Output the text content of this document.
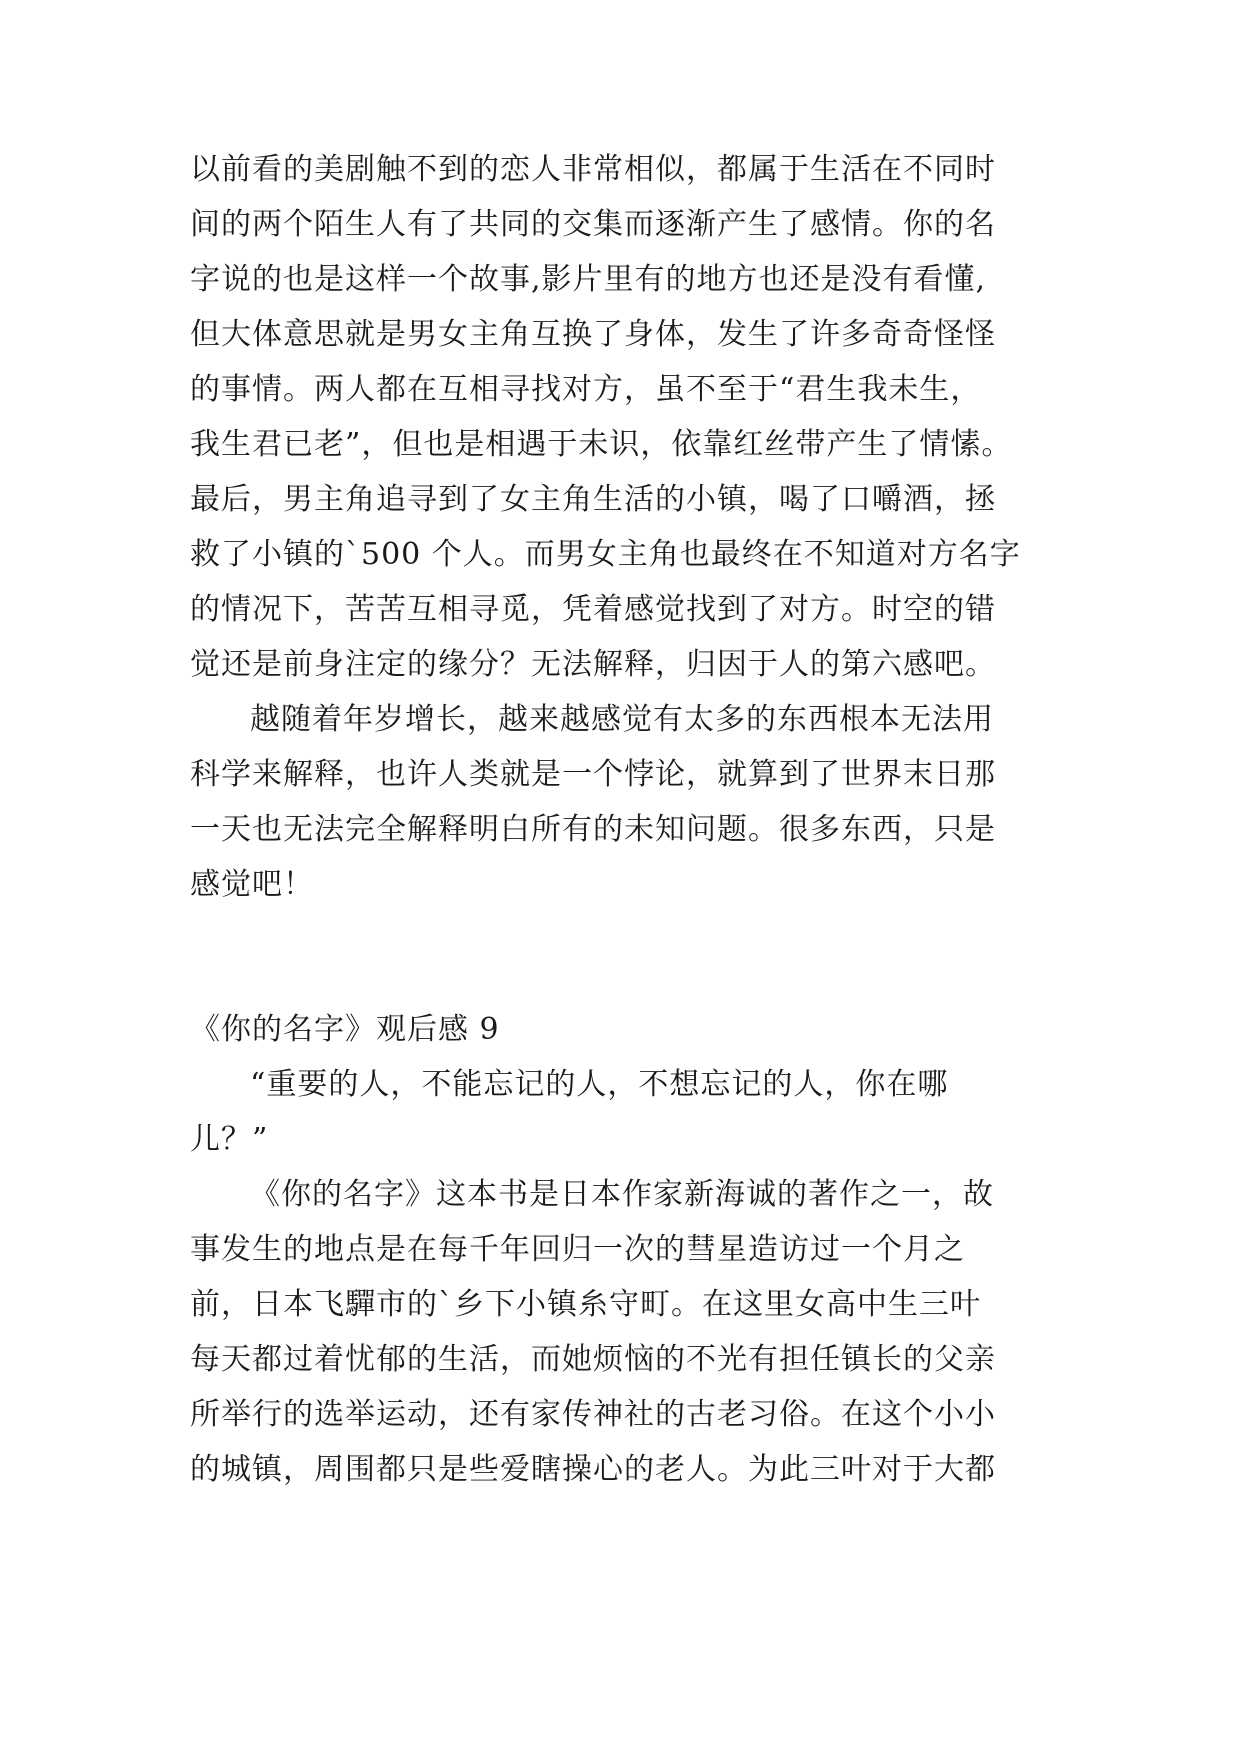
以前看的美剧触不到的恋人非常相似，都属于生活在不同时
间的两个陌生人有了共同的交集而逐渐产生了感情。你的名
字说的也是这样一个故事,影片里有的地方也还是没有看懂,
但大体意思就是男女主角互换了身体，发生了许多奇奇怪怪
的事情。两人都在互相寻找对方，虽不至于“君生我未生，
我生君已老”，但也是相遇于未识，依靠红丝带产生了情愫。
最后，男主角追寻到了女主角生活的小镇，喝了口嚼酒，拯
救了小镇的`500 个人。而男女主角也最终在不知道对方名字
的情况下，苦苦互相寻觅，凭着感觉找到了对方。时空的错
觉还是前身注定的缘分？无法解释，归因于人的第六感吧。
越随着年岁增长，越来越感觉有太多的东西根本无法用
科学来解释，也许人类就是一个悖论，就算到了世界末日那
一天也无法完全解释明白所有的未知问题。很多东西，只是
感觉吧！
《你的名字》观后感 9
“重要的人，不能忘记的人，不想忘记的人，你在哪
儿？”
《你的名字》这本书是日本作家新海诚的著作之一，故
事发生的地点是在每千年回归一次的彗星造访过一个月之
前，日本飞驒市的`乡下小镇糸守町。在这里女高中生三叶
每天都过着忧郁的生活，而她烦恼的不光有担任镇长的父亲
所举行的选举运动，还有家传神社的古老习俗。在这个小小
的城镇，周围都只是些爱瞎操心的老人。为此三叶对于大都
